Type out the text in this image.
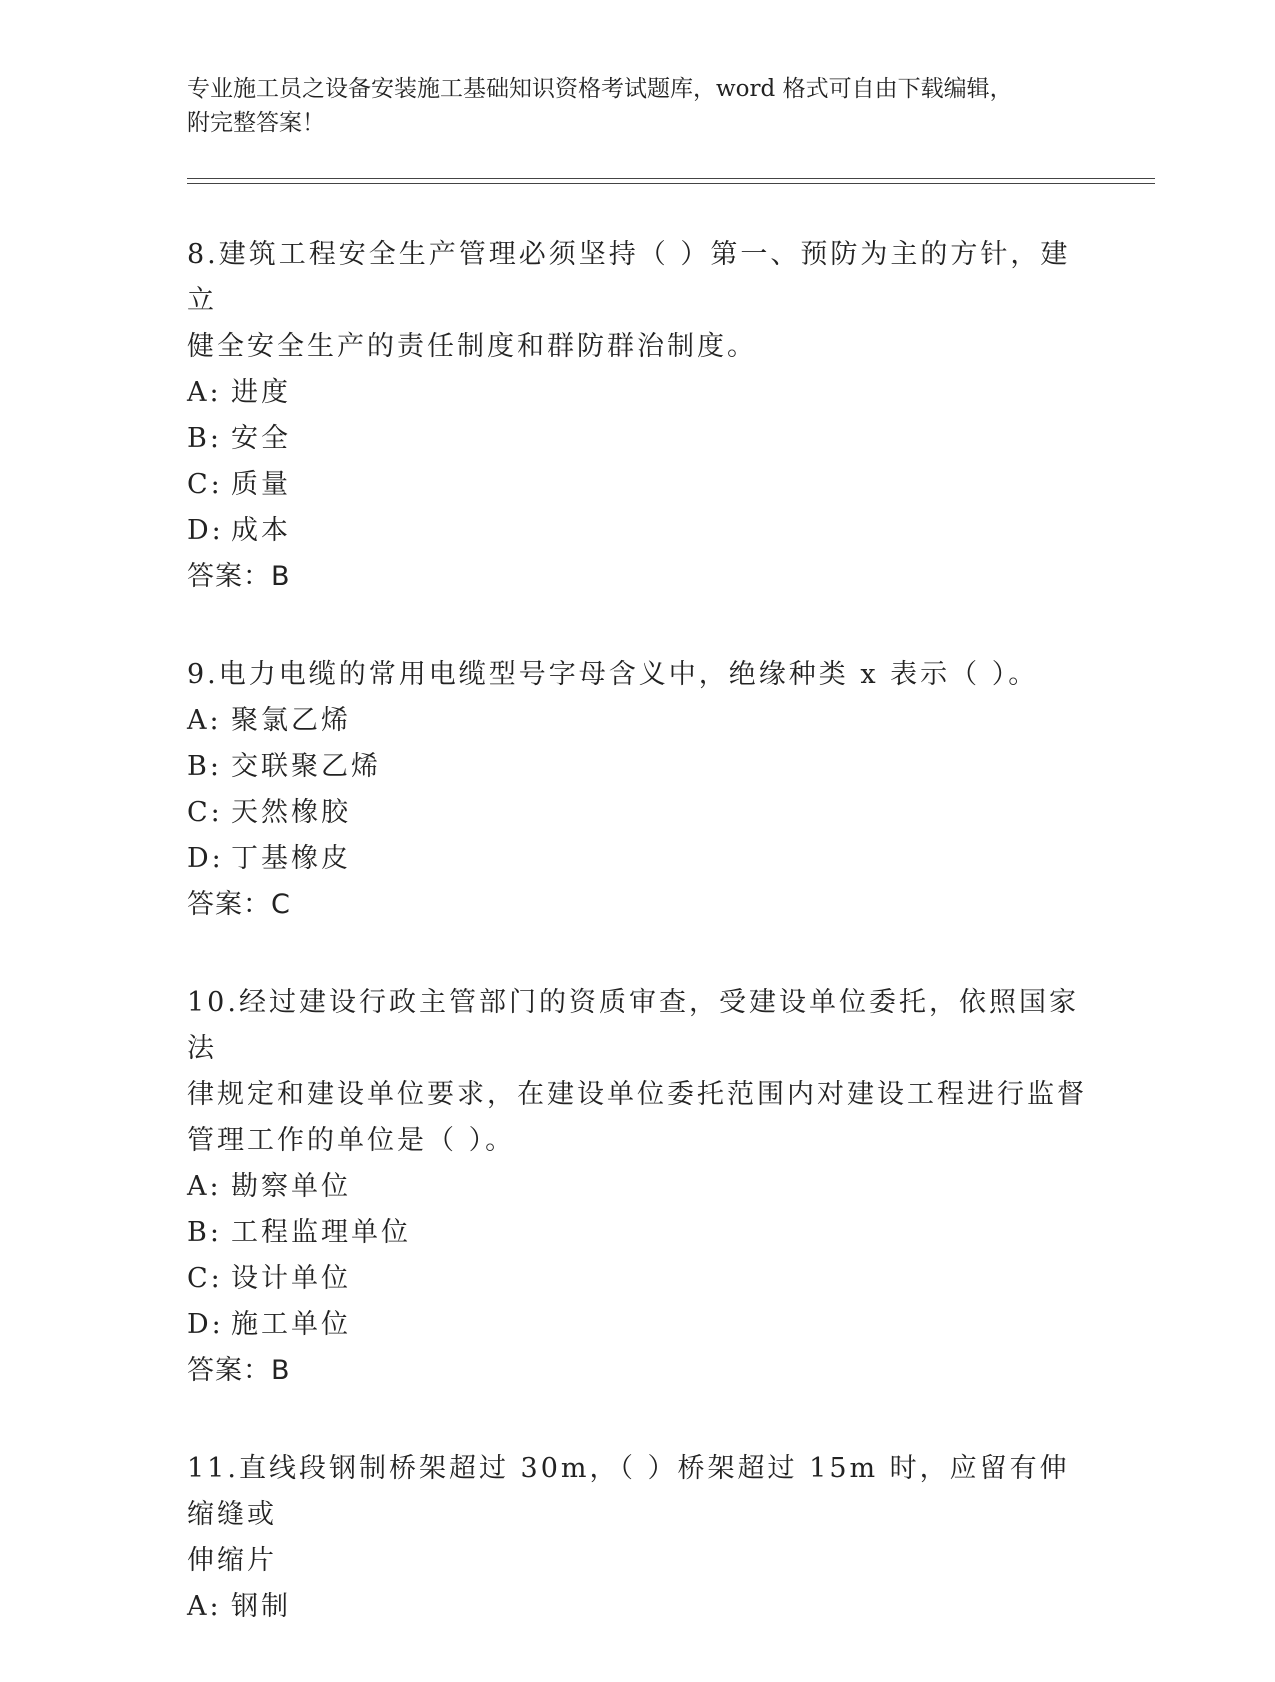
专业施工员之设备安装施工基础知识资格考试题库，word 格式可自由下载编辑，
附完整答案！

8.建筑工程安全生产管理必须坚持（ ）第一、预防为主的方针，建立

健全安全生产的责任制度和群防群治制度。

A: 进度

B: 安全

C: 质量

D: 成本

答案：B

9.电力电缆的常用电缆型号字母含义中，绝缘种类 x 表示（ ）。

A: 聚氯乙烯

B: 交联聚乙烯

C: 天然橡胶

D: 丁基橡皮

答案：C

10.经过建设行政主管部门的资质审查，受建设单位委托，依照国家法

律规定和建设单位要求，在建设单位委托范围内对建设工程进行监督

管理工作的单位是（ ）。

A: 勘察单位

B: 工程监理单位

C: 设计单位

D: 施工单位

答案：B

11.直线段钢制桥架超过 30m，（ ）桥架超过 15m 时，应留有伸缩缝或

伸缩片

A: 钢制
